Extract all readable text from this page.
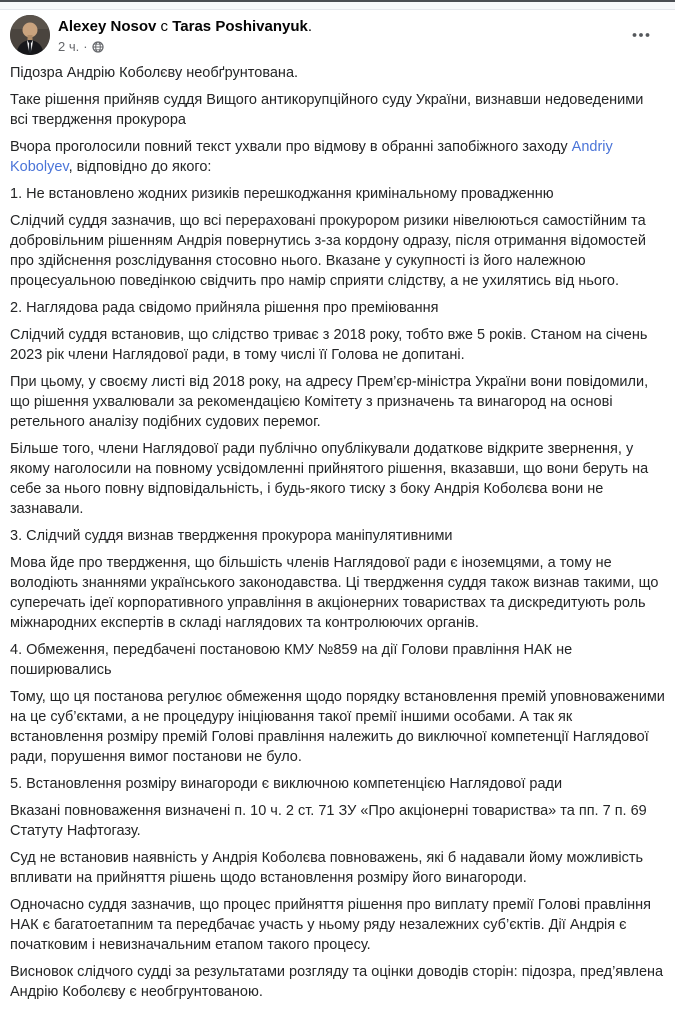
Alexey Nosov с Taras Poshivanyuk.
2 ч. ·
Підозра Андрію Коболєву необґрунтована.
Таке рішення прийняв суддя Вищого антикорупційного суду України, визнавши недоведеними всі твердження прокурора
Вчора проголосили повний текст ухвали про відмову в обранні запобіжного заходу Andriy Kobolyev, відповідно до якого:
1. Не встановлено жодних ризиків перешкоджання кримінальному провадженню
Слідчий суддя зазначив, що всі перераховані прокурором ризики нівелюються самостійним та добровільним рішенням Андрія повернутись з-за кордону одразу, після отримання відомостей про здійснення розслідування стосовно нього. Вказане у сукупності із його належною процесуальною поведінкою свідчить про намір сприяти слідству, а не ухилятись від нього.
2. Наглядова рада свідомо прийняла рішення про преміювання
Слідчий суддя встановив, що слідство триває з 2018 року, тобто вже 5 років. Станом на січень 2023 рік члени Наглядової ради, в тому числі її Голова не допитані.
При цьому, у своєму листі від 2018 року, на адресу Прем’єр-міністра України вони повідомили, що рішення ухвалювали за рекомендацією Комітету з призначень та винагород на основі ретельного аналізу подібних судових перемог.
Більше того, члени Наглядової ради публічно опублікували додаткове відкрите звернення, у якому наголосили на повному усвідомленні прийнятого рішення, вказавши, що вони беруть на себе за нього повну відповідальність, і будь-якого тиску з боку Андрія Коболєва вони не зазнавали.
3. Слідчий суддя визнав твердження прокурора маніпулятивними
Мова йде про твердження, що більшість членів Наглядової ради є іноземцями, а тому не володіють знаннями українського законодавства. Ці твердження суддя також визнав такими, що суперечать ідеї корпоративного управління в акціонерних товариствах та дискредитують роль міжнародних експертів в складі наглядових та контролюючих органів.
4. Обмеження, передбачені постановою КМУ №859 на дії Голови правління НАК не поширювались
Тому, що ця постанова регулює обмеження щодо порядку встановлення премій уповноваженими на це суб’єктами, а не процедуру ініціювання такої премії іншими особами. А так як встановлення розміру премій Голові правління належить до виключної компетенції Наглядової ради, порушення вимог постанови не було.
5. Встановлення розміру винагороди є виключною компетенцією Наглядової ради
Вказані повноваження визначені п. 10 ч. 2 ст. 71 ЗУ «Про акціонерні товариства» та пп. 7 п. 69 Статуту Нафтогазу.
Суд не встановив наявність у Андрія Коболєва повноважень, які б надавали йому можливість впливати на прийняття рішень щодо встановлення розміру його винагороди.
Одночасно суддя зазначив, що процес прийняття рішення про виплату премії Голові правління НАК є багатоетапним та передбачає участь у ньому ряду незалежних суб’єктів. Дії Андрія є початковим і невизначальним етапом такого процесу.
Висновок слідчого судді за результатами розгляду та оцінки доводів сторін: підозра, пред’явлена Андрію Коболєву є необгрунтованою.
